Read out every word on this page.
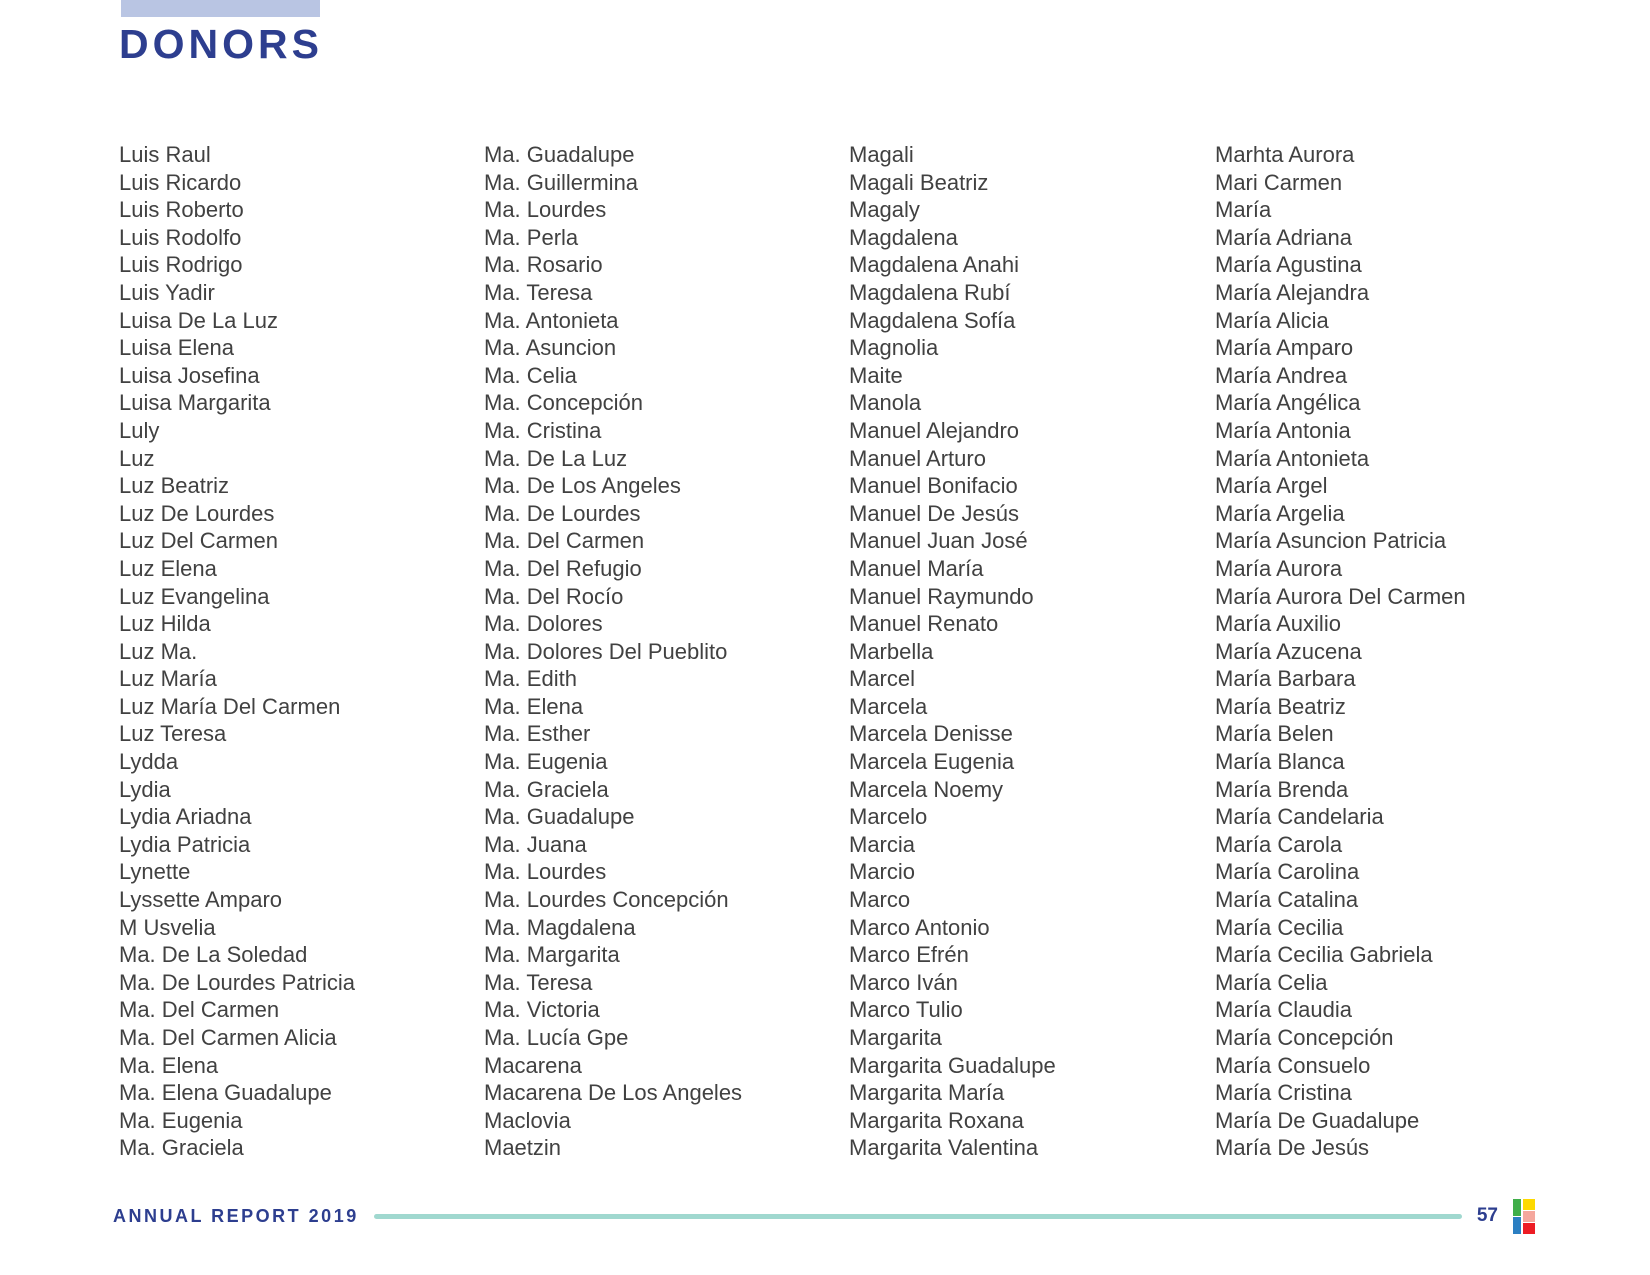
DONORS
Luis Raul
Luis Ricardo
Luis Roberto
Luis Rodolfo
Luis Rodrigo
Luis Yadir
Luisa De La Luz
Luisa Elena
Luisa Josefina
Luisa Margarita
Luly
Luz
Luz Beatriz
Luz De Lourdes
Luz Del Carmen
Luz Elena
Luz Evangelina
Luz Hilda
Luz Ma.
Luz María
Luz María Del Carmen
Luz Teresa
Lydda
Lydia
Lydia Ariadna
Lydia Patricia
Lynette
Lyssette Amparo
M Usvelia
Ma. De La Soledad
Ma. De Lourdes Patricia
Ma. Del Carmen
Ma. Del Carmen Alicia
Ma. Elena
Ma. Elena Guadalupe
Ma. Eugenia
Ma. Graciela
Ma. Guadalupe
Ma. Guillermina
Ma. Lourdes
Ma. Perla
Ma. Rosario
Ma. Teresa
Ma. Antonieta
Ma. Asuncion
Ma. Celia
Ma. Concepción
Ma. Cristina
Ma. De La Luz
Ma. De Los Angeles
Ma. De Lourdes
Ma. Del Carmen
Ma. Del Refugio
Ma. Del Rocío
Ma. Dolores
Ma. Dolores Del Pueblito
Ma. Edith
Ma. Elena
Ma. Esther
Ma. Eugenia
Ma. Graciela
Ma. Guadalupe
Ma. Juana
Ma. Lourdes
Ma. Lourdes Concepción
Ma. Magdalena
Ma. Margarita
Ma. Teresa
Ma. Victoria
Ma. Lucía Gpe
Macarena
Macarena De Los Angeles
Maclovia
Maetzin
Magali
Magali Beatriz
Magaly
Magdalena
Magdalena Anahi
Magdalena Rubí
Magdalena Sofía
Magnolia
Maite
Manola
Manuel Alejandro
Manuel Arturo
Manuel Bonifacio
Manuel De Jesús
Manuel Juan José
Manuel María
Manuel Raymundo
Manuel Renato
Marbella
Marcel
Marcela
Marcela Denisse
Marcela Eugenia
Marcela Noemy
Marcelo
Marcia
Marcio
Marco
Marco Antonio
Marco Efrén
Marco Iván
Marco Tulio
Margarita
Margarita Guadalupe
Margarita María
Margarita Roxana
Margarita Valentina
Marhta Aurora
Mari Carmen
María
María Adriana
María Agustina
María Alejandra
María Alicia
María Amparo
María Andrea
María Angélica
María Antonia
María Antonieta
María Argel
María Argelia
María Asuncion Patricia
María Aurora
María Aurora Del Carmen
María Auxilio
María Azucena
María Barbara
María Beatriz
María Belen
María Blanca
María Brenda
María Candelaria
María Carola
María Carolina
María Catalina
María Cecilia
María Cecilia Gabriela
María Celia
María Claudia
María Concepción
María Consuelo
María Cristina
María De Guadalupe
María De Jesús
ANNUAL REPORT 2019	57
